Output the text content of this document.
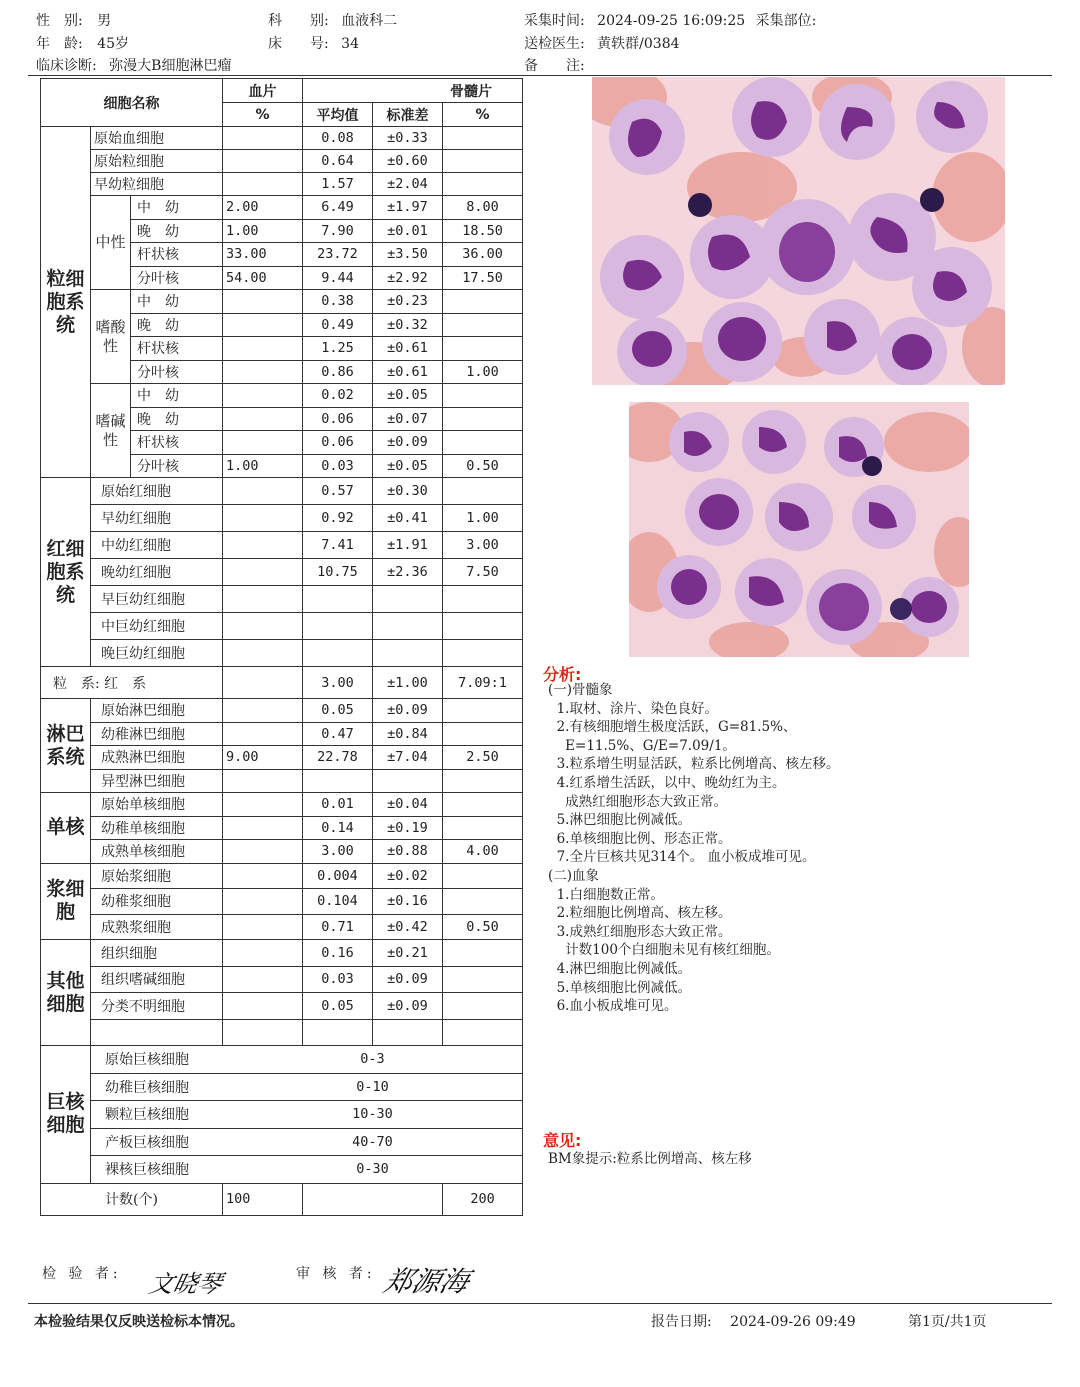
性　别: 男
年　龄: 45岁
临床诊断: 弥漫大B细胞淋巴瘤
科　　别: 血液科二
床　　号: 34
采集时间: 2024-09-25 16:09:25 采集部位:
送检医生: 黄轶群/0384
备　　注:
细胞名称			血片	骨髓片		
			%	平均值	标准差	%
粒细胞系统	原始血细胞			0.08	±0.33	
	原始粒细胞			0.64	±0.60	
	早幼粒细胞			1.57	±2.04	
	中性	中　幼	2.00	6.49	±1.97	8.00
		晚　幼	1.00	7.90	±0.01	18.50
		杆状核	33.00	23.72	±3.50	36.00
		分叶核	54.00	9.44	±2.92	17.50
	嗜酸性	中　幼		0.38	±0.23	
		晚　幼		0.49	±0.32	
		杆状核		1.25	±0.61	
		分叶核		0.86	±0.61	1.00
	嗜碱性	中　幼		0.02	±0.05	
		晚　幼		0.06	±0.07	
		杆状核		0.06	±0.09	
		分叶核	1.00	0.03	±0.05	0.50
红细胞系统	原始红细胞			0.57	±0.30	
	早幼红细胞			0.92	±0.41	1.00
	中幼红细胞			7.41	±1.91	3.00
	晚幼红细胞			10.75	±2.36	7.50
	早巨幼红细胞					
	中巨幼红细胞					
	晚巨幼红细胞					
粒　系: 红　系				3.00	±1.00	7.09:1
淋巴系统	原始淋巴细胞			0.05	±0.09	
	幼稚淋巴细胞			0.47	±0.84	
	成熟淋巴细胞		9.00	22.78	±7.04	2.50
	异型淋巴细胞					
单核	原始单核细胞			0.01	±0.04	
	幼稚单核细胞			0.14	±0.19	
	成熟单核细胞			3.00	±0.88	4.00
浆细胞	原始浆细胞			0.004	±0.02	
	幼稚浆细胞			0.104	±0.16	
	成熟浆细胞			0.71	±0.42	0.50
其他细胞	组织细胞			0.16	±0.21	
	组织嗜碱细胞			0.03	±0.09	
	分类不明细胞			0.05	±0.09	

巨核细胞	原始巨核细胞			0-3		
	幼稚巨核细胞			0-10		
	颗粒巨核细胞			10-30		
	产板巨核细胞			40-70		
	裸核巨核细胞			0-30		
计数(个)			100			200
分析:
(一)骨髓象
1.取材、涂片、染色良好。
2.有核细胞增生极度活跃，G=81.5%、
E=11.5%、G/E=7.09/1。
3.粒系增生明显活跃，粒系比例增高、核左移。
4.红系增生活跃，以中、晚幼红为主。
成熟红细胞形态大致正常。
5.淋巴细胞比例减低。
6.单核细胞比例、形态正常。
7.全片巨核共见314个。 血小板成堆可见。
(二)血象
1.白细胞数正常。
2.粒细胞比例增高、核左移。
3.成熟红细胞形态大致正常。
计数100个白细胞未见有核红细胞。
4.淋巴细胞比例减低。
5.单核细胞比例减低。
6.血小板成堆可见。
意见:
BM象提示:粒系比例增高、核左移
检 验 者: 文晓琴	审 核 者: 郑源海
本检验结果仅反映送检标本情况。	报告日期: 2024-09-26 09:49	第1页/共1页
